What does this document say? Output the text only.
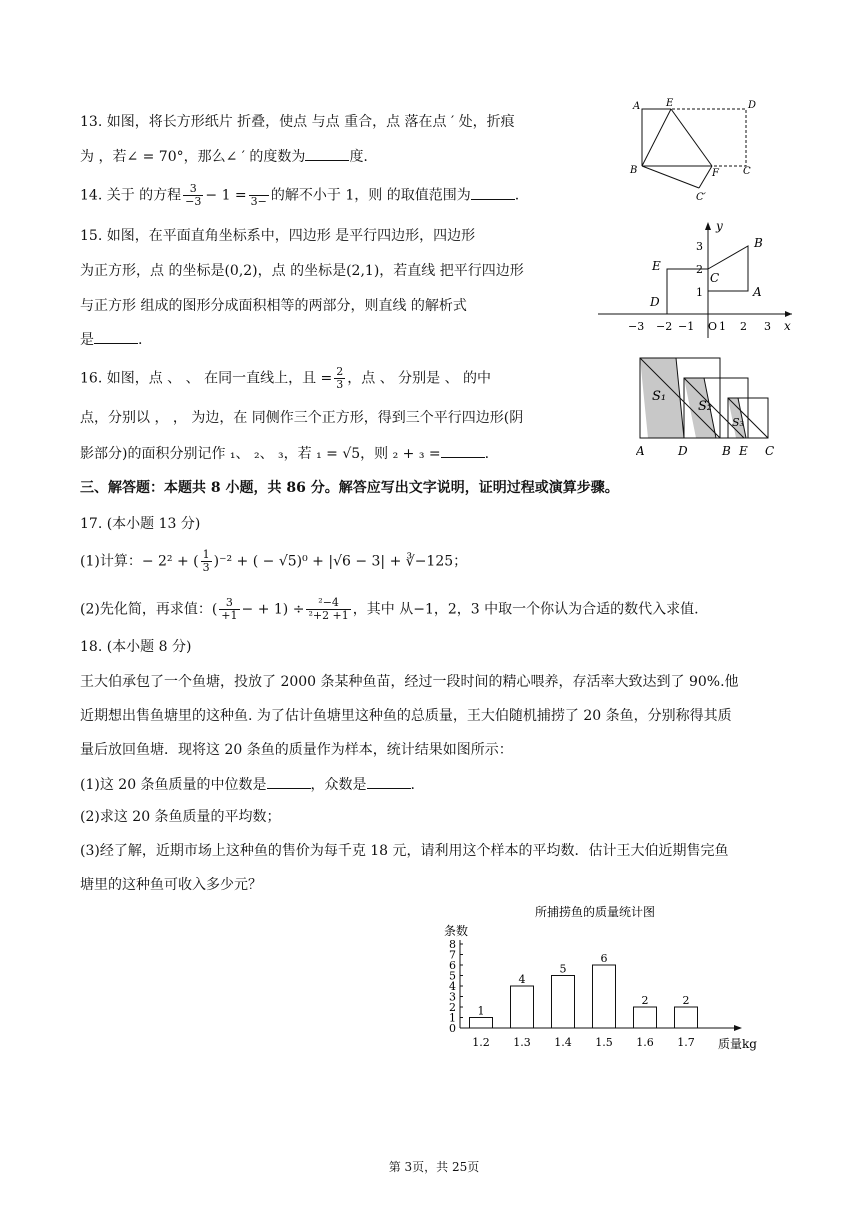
13. 如图，将长方形纸片 折叠，使点 与点 重合，点 落在点 ′ 处，折痕
为 ，若∠ = 70°，那么∠ ′ 的度数为	度.
A	E	D
B	F C
C′
14. 关于 的方程 $\frac{3}{-3} - 1 = 3-$ 的解不小于 1，则 的取值范围为	.
15. 如图，在平面直角坐标系中，四边形 是平行四边形，四边形
为正方形，点 的坐标是(0,2)，点 的坐标是(2,1)，若直线 把平行四边形
与正方形 组成的图形分成面积相等的两部分，则直线 的解析式
是	.
y
x
B
E
C
A
D
−3 −2 −1 O 1 2 3
3
2
1
16. 如图，点 、 、 在同一直线上，且 = $\frac{2}{3}$ ，点 、 分别是 、 的中
点，分别以 ， ， 为边，在 同侧作三个正方形，得到三个平行四边形(阴
影部分)的面积分别记作 ₁、 ₂、 ₃，若 ₁ = √5，则 ₂ + ₃ =	.
S₁
S₂
S₃
A	D	B E C
三、解答题：本题共 8 小题，共 86 分。解答应写出文字说明，证明过程或演算步骤。
17. (本小题 13 分)
(1)计算：− 2² + ( $\frac{1}{3} )^{-2}$ + ( − √5)⁰ + |√6 − 3| + ∛−125；
(2)先化简，再求值：( $\frac{3}{+1}$ − + $1) \div \frac{\text{²−4}}{\text{²+2 +1}}$ ，其中 从−1，2，3 中取一个你认为合适的数代入求值.
18. (本小题 8 分)
王大伯承包了一个鱼塘，投放了 2000 条某种鱼苗，经过一段时间的精心喂养，存活率大致达到了 90%.他
近期想出售鱼塘里的这种鱼. 为了估计鱼塘里这种鱼的总质量，王大伯随机捕捞了 20 条鱼，分别称得其质
量后放回鱼塘．现将这 20 条鱼的质量作为样本，统计结果如图所示：
(1)这 20 条鱼质量的中位数是	，众数是	.
(2)求这 20 条鱼质量的平均数；
(3)经了解，近期市场上这种鱼的售价为每千克 18 元，请利用这个样本的平均数．估计王大伯近期售完鱼
塘里的这种鱼可收入多少元？
所捕捞鱼的质量统计图
条数
质量kg
0
1
2
3
4
5
6
7
8
1
1.2
4
1.3
5
1.4
6
1.5
2
1.6
2
1.7
第 3页，共 25页
